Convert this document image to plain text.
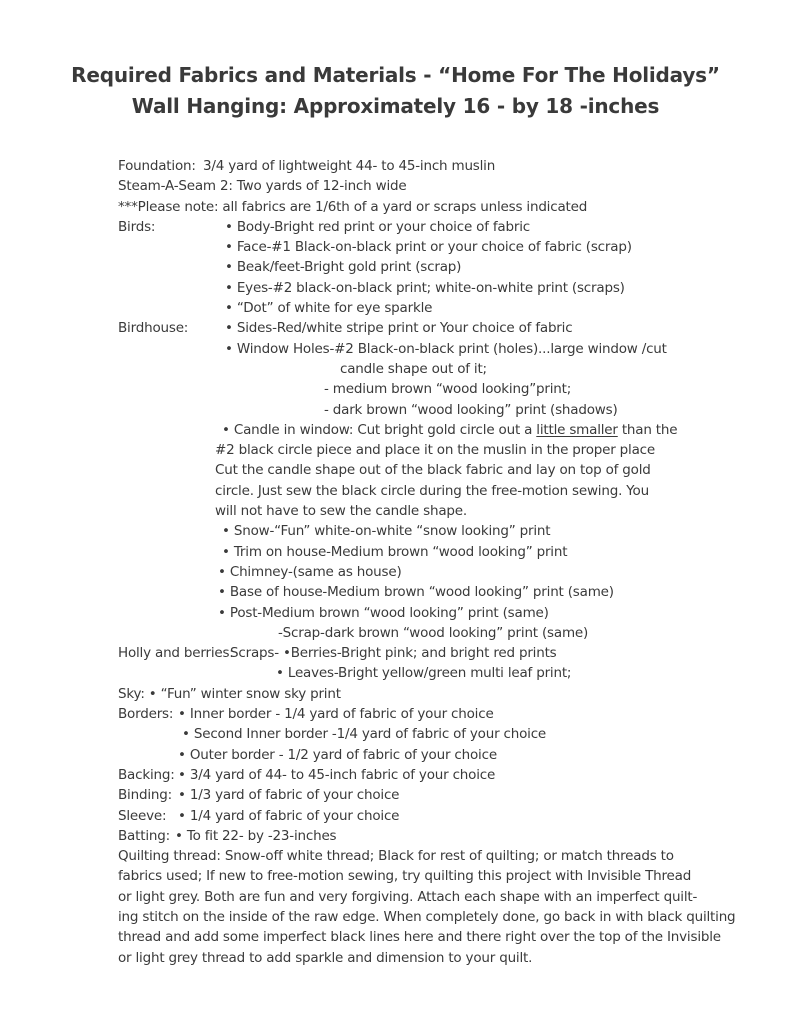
Required Fabrics and Materials - “Home For The Holidays”
Wall Hanging: Approximately 16 - by 18 -inches
Foundation: 3/4 yard of lightweight 44- to 45-inch muslin
Steam-A-Seam 2: Two yards of 12-inch wide
***Please note: all fabrics are 1/6th of a yard or scraps unless indicated
Birds:	• Body-Bright red print or your choice of fabric
• Face-#1 Black-on-black print or your choice of fabric (scrap)
• Beak/feet-Bright gold print (scrap)
• Eyes-#2 black-on-black print; white-on-white print (scraps)
• “Dot” of white for eye sparkle
Birdhouse:	• Sides-Red/white stripe print or Your choice of fabric
• Window Holes-#2 Black-on-black print (holes)...large window /cut
candle shape out of it;
- medium brown “wood looking”print;
- dark brown “wood looking” print (shadows)
• Candle in window: Cut bright gold circle out a little smaller than the
#2 black circle piece and place it on the muslin in the proper place
Cut the candle shape out of the black fabric and lay on top of gold
circle. Just sew the black circle during the free-motion sewing. You
will not have to sew the candle shape.
• Snow-“Fun” white-on-white “snow looking” print
• Trim on house-Medium brown “wood looking” print
• Chimney-(same as house)
• Base of house-Medium brown “wood looking” print (same)
• Post-Medium brown “wood looking” print (same)
-Scrap-dark brown “wood looking” print (same)
Holly and berries:
Scraps- •Berries-Bright pink; and bright red prints
• Leaves-Bright yellow/green multi leaf print;
Sky: • “Fun” winter snow sky print
Borders: • Inner border - 1/4 yard of fabric of your choice
• Second Inner border -1/4 yard of fabric of your choice
• Outer border - 1/2 yard of fabric of your choice
Backing: • 3/4 yard of 44- to 45-inch fabric of your choice
Binding: • 1/3 yard of fabric of your choice
Sleeve: • 1/4 yard of fabric of your choice
Batting: • To fit 22- by -23-inches
Quilting thread: Snow-off white thread; Black for rest of quilting; or match threads to
fabrics used; If new to free-motion sewing, try quilting this project with Invisible Thread
or light grey. Both are fun and very forgiving. Attach each shape with an imperfect quilt-
ing stitch on the inside of the raw edge. When completely done, go back in with black quilting
thread and add some imperfect black lines here and there right over the top of the Invisible
or light grey thread to add sparkle and dimension to your quilt.
